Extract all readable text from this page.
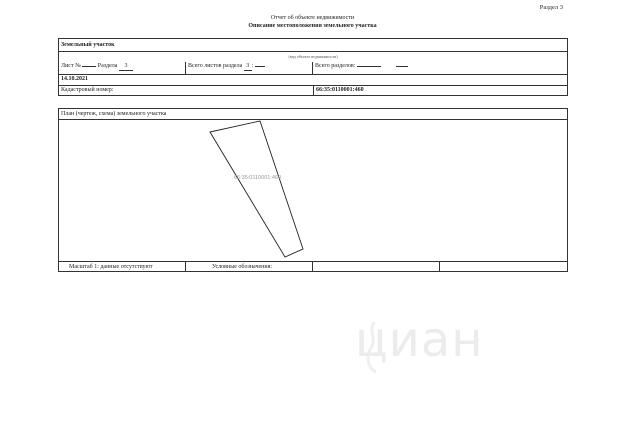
Раздел 3
Отчет об объекте недвижимости
Описание местоположения земельного участка
Земельный участок
(вид объекта недвижимости)
Лист №	Раздела 3	Всего листов раздела 3 :	Всего разделов:
14.10.2021
Кадастровый номер:	66:35:0110001:460
План (чертеж, схема) земельного участка
Масштаб 1: данные отсутствуют	Условные обозначения:
66:35:0110001:460
циан
